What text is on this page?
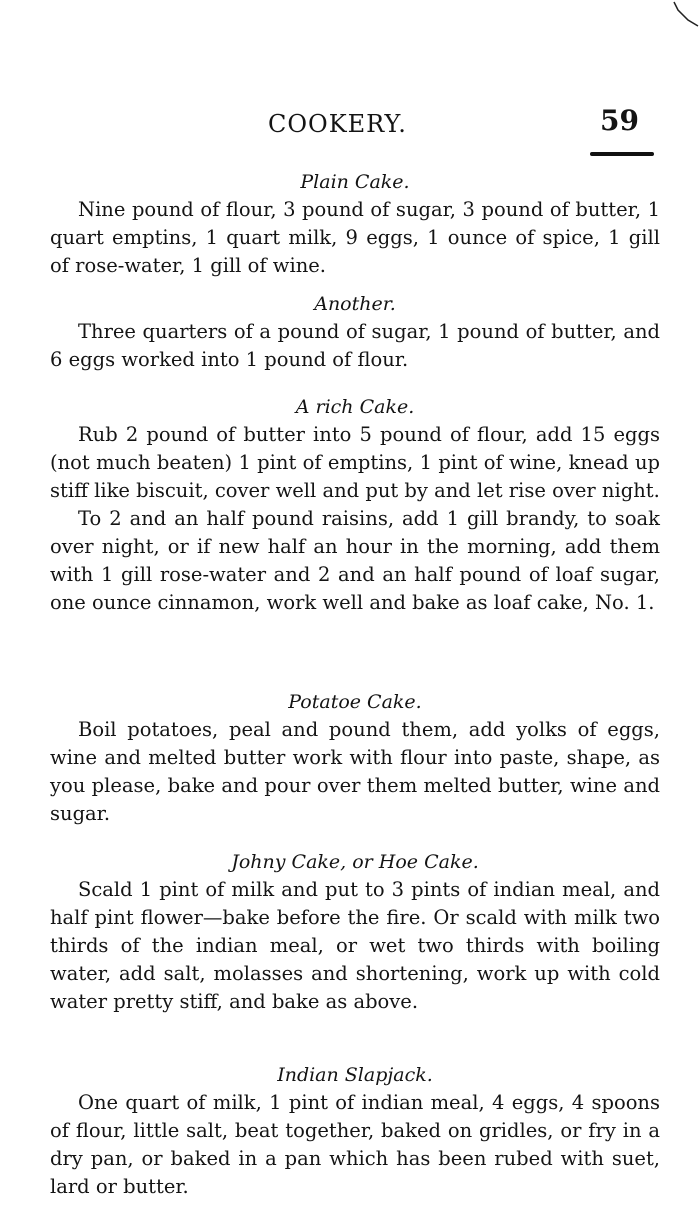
COOKERY.	59
Plain Cake.

Nine pound of flour, 3 pound of sugar, 3 pound of butter, 1 quart emptins, 1 quart milk, 9 eggs, 1 ounce of spice, 1 gill of rose-water, 1 gill of wine.

Another.

Three quarters of a pound of sugar, 1 pound of butter, and 6 eggs worked into 1 pound of flour.

A rich Cake.

Rub 2 pound of butter into 5 pound of flour, add 15 eggs (not much beaten) 1 pint of emptins, 1 pint of wine, knead up stiff like biscuit, cover well and put by and let rise over night.

To 2 and an half pound raisins, add 1 gill brandy, to soak over night, or if new half an hour in the morning, add them with 1 gill rose-water and 2 and an half pound of loaf sugar, one ounce cinnamon, work well and bake as loaf cake, No. 1.

Potatoe Cake.

Boil potatoes, peal and pound them, add yolks of eggs, wine and melted butter work with flour into paste, shape, as you please, bake and pour over them melted butter, wine and sugar.

Johny Cake, or Hoe Cake.

Scald 1 pint of milk and put to 3 pints of indian meal, and half pint flower—bake before the fire. Or scald with milk two thirds of the indian meal, or wet two thirds with boiling water, add salt, molasses and shortening, work up with cold water pretty stiff, and bake as above.

Indian Slapjack.

One quart of milk, 1 pint of indian meal, 4 eggs, 4 spoons of flour, little salt, beat together, baked on gridles, or fry in a dry pan, or baked in a pan which has been rubed with suet, lard or butter.
